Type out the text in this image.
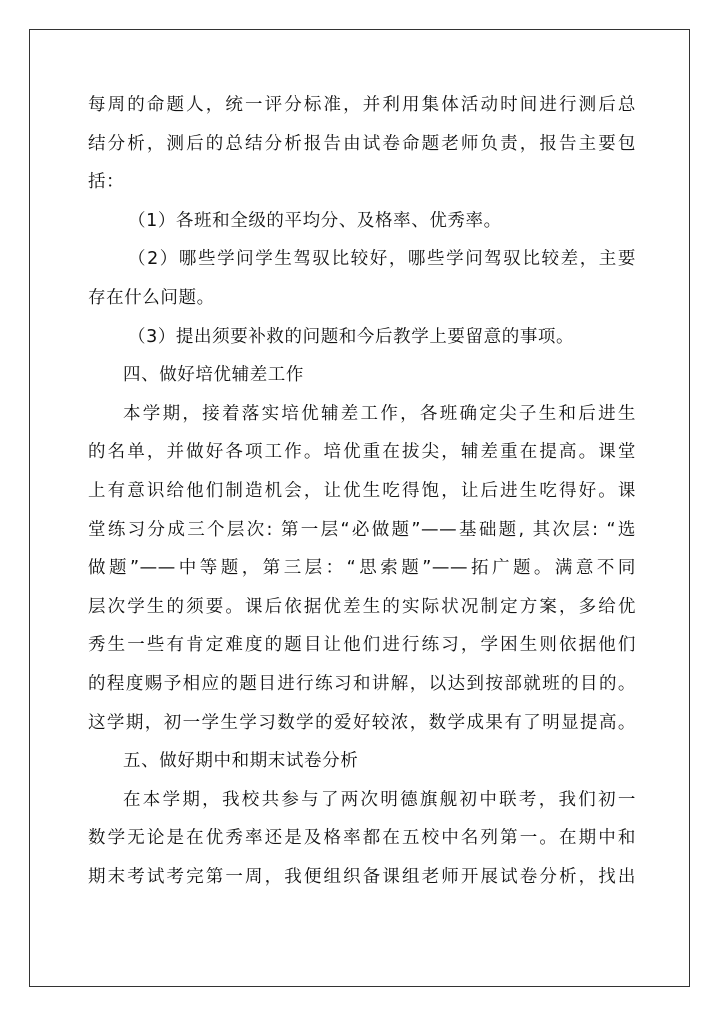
每周的命题人，统一评分标准，并利用集体活动时间进行测后总
结分析，测后的总结分析报告由试卷命题老师负责，报告主要包
括：
（1）各班和全级的平均分、及格率、优秀率。
（2）哪些学问学生驾驭比较好，哪些学问驾驭比较差，主要
存在什么问题。
（3）提出须要补救的问题和今后教学上要留意的事项。
四、做好培优辅差工作
本学期，接着落实培优辅差工作，各班确定尖子生和后进生
的名单，并做好各项工作。培优重在拔尖，辅差重在提高。课堂
上有意识给他们制造机会，让优生吃得饱，让后进生吃得好。课
堂练习分成三个层次: 第一层“必做题”——基础题, 其次层: “选
做题”——中等题，第三层：“思索题”——拓广题。满意不同
层次学生的须要。课后依据优差生的实际状况制定方案，多给优
秀生一些有肯定难度的题目让他们进行练习，学困生则依据他们
的程度赐予相应的题目进行练习和讲解，以达到按部就班的目的。
这学期，初一学生学习数学的爱好较浓，数学成果有了明显提高。
五、做好期中和期末试卷分析
在本学期，我校共参与了两次明德旗舰初中联考，我们初一
数学无论是在优秀率还是及格率都在五校中名列第一。在期中和
期末考试考完第一周，我便组织备课组老师开展试卷分析，找出
